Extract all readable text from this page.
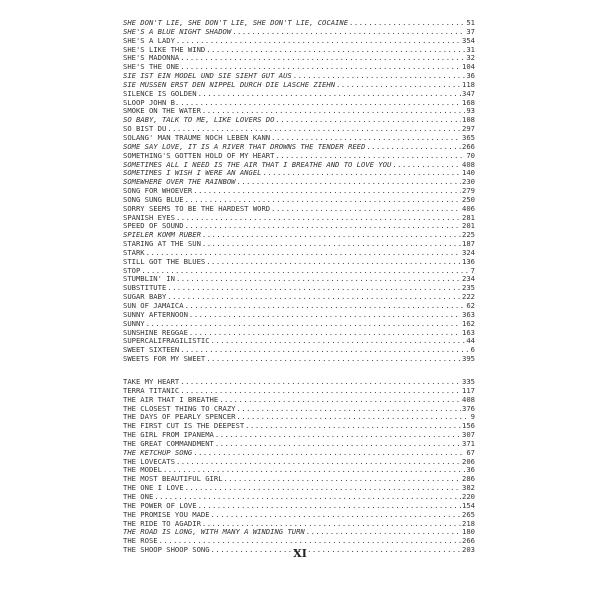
SHE DON'T LIE, SHE DON'T LIE, SHE DON'T LIE, COCAINE .....	51
SHE'S A BLUE NIGHT SHADOW .....	37
SHE'S A LADY .....	354
SHE'S LIKE THE WIND .....	31
SHE'S MADONNA .....	32
SHE'S THE ONE .....	104
SIE IST EIN MODEL UND SIE SIEHT GUT AUS .....	36
SIE MÜSSEN ERST DEN NIPPEL DURCH DIE LASCHE ZIEHN .....	118
SILENCE IS GOLDEN .....	347
SLOOP JOHN B. .....	168
SMOKE ON THE WATER .....	93
SO BABY, TALK TO ME, LIKE LOVERS DO .....	108
SO BIST DU .....	297
SOLANG' MAN TRÄUME NOCH LEBEN KANN .....	365
SOME SAY LOVE, IT IS A RIVER THAT DROWNS THE TENDER REED .....	266
SOMETHING'S GOTTEN HOLD OF MY HEART .....	70
SOMETIMES ALL I NEED IS THE AIR THAT I BREATHE AND TO LOVE YOU .....	408
SOMETIMES I WISH I WERE AN ANGEL .....	140
SOMEWHERE OVER THE RAINBOW .....	230
SONG FOR WHOEVER .....	279
SONG SUNG BLUE .....	250
SORRY SEEMS TO BE THE HARDEST WORD .....	406
SPANISH EYES .....	281
SPEED OF SOUND .....	201
SPIELER KOMM RÜBER .....	225
STARING AT THE SUN .....	187
STARK .....	324
STILL GOT THE BLUES .....	136
STOP .....	7
STUMBLIN' IN .....	234
SUBSTITUTE .....	235
SUGAR BABY .....	222
SUN OF JAMAICA .....	62
SUNNY AFTERNOON .....	363
SUNNY .....	162
SUNSHINE REGGAE .....	163
SUPERCALIFRAGILISTIC .....	44
SWEET SIXTEEN .....	6
SWEETS FOR MY SWEET .....	395
TAKE MY HEART .....	335
TERRA TITANIC .....	117
THE AIR THAT I BREATHE .....	408
THE CLOSEST THING TO CRAZY .....	376
THE DAYS OF PEARLY SPENCER .....	9
THE FIRST CUT IS THE DEEPEST .....	156
THE GIRL FROM IPANEMA .....	307
THE GREAT COMMANDMENT .....	371
THE KETCHUP SONG .....	67
THE LOVECATS .....	206
THE MODEL .....	36
THE MOST BEAUTIFUL GIRL .....	286
THE ONE I LOVE .....	382
THE ONE .....	220
THE POWER OF LOVE .....	154
THE PROMISE YOU MADE .....	265
THE RIDE TO AGADIR .....	218
THE ROAD IS LONG, WITH MANY A WINDING TURN .....	180
THE ROSE .....	266
THE SHOOP SHOOP SONG .....	203
XI
